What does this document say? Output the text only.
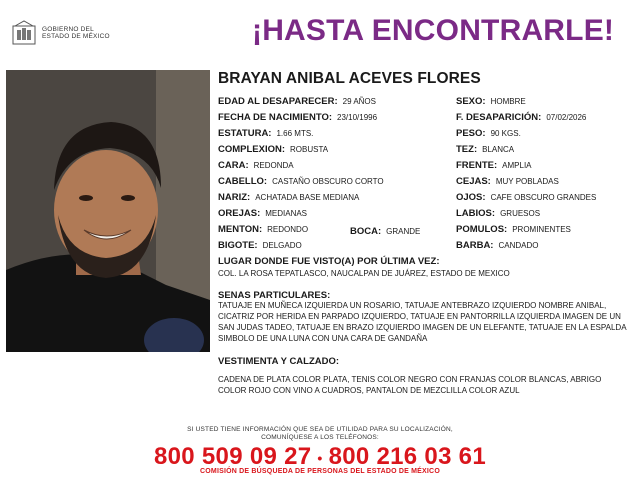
GOBIERNO DEL
ESTADO DE MÉXICO	¡HASTA ENCONTRARLE!
BRAYAN ANIBAL ACEVES FLORES
EDAD AL DESAPARECER: 29 AÑOS
FECHA DE NACIMIENTO: 23/10/1996
ESTATURA: 1.66 MTS.
COMPLEXION: ROBUSTA
CARA: REDONDA
CABELLO: CASTAÑO OBSCURO CORTO
NARIZ: ACHATADA BASE MEDIANA
OREJAS: MEDIANAS
MENTON: REDONDO
BIGOTE: DELGADO
BOCA: GRANDE
SEXO: HOMBRE
F. DESAPARICIÓN: 07/02/2026
PESO: 90 KGS.
TEZ: BLANCA
FRENTE: AMPLIA
CEJAS: MUY POBLADAS
OJOS: CAFE OBSCURO GRANDES
LABIOS: GRUESOS
POMULOS: PROMINENTES
BARBA: CANDADO
LUGAR DONDE FUE VISTO(A) POR ÚLTIMA VEZ:
COL. LA ROSA TEPATLASCO, NAUCALPAN DE JUÁREZ, ESTADO DE MEXICO
SENAS PARTICULARES:
TATUAJE EN MUÑECA IZQUIERDA UN ROSARIO, TATUAJE ANTEBRAZO IZQUIERDO NOMBRE ANIBAL, CICATRIZ POR HERIDA EN PARPADO IZQUIERDO, TATUAJE EN PANTORRILLA IZQUIERDA IMAGEN DE UN SAN JUDAS TADEO, TATUAJE EN BRAZO IZQUIERDO IMAGEN DE UN ELEFANTE, TATUAJE EN LA ESPALDA SIMBOLO DE UNA LUNA CON UNA CARA DE GANDAÑA
VESTIMENTA Y CALZADO:
CADENA DE PLATA COLOR PLATA, TENIS COLOR NEGRO CON FRANJAS COLOR BLANCAS, ABRIGO COLOR ROJO CON VINO A CUADROS, PANTALON DE MEZCLILLA COLOR AZUL
SI USTED TIENE INFORMACIÓN QUE SEA DE UTILIDAD PARA SU LOCALIZACIÓN,
COMUNÍQUESE A LOS TELÉFONOS:
800 509 09 27 • 800 216 03 61
COMISIÓN DE BÚSQUEDA DE PERSONAS DEL ESTADO DE MÉXICO
